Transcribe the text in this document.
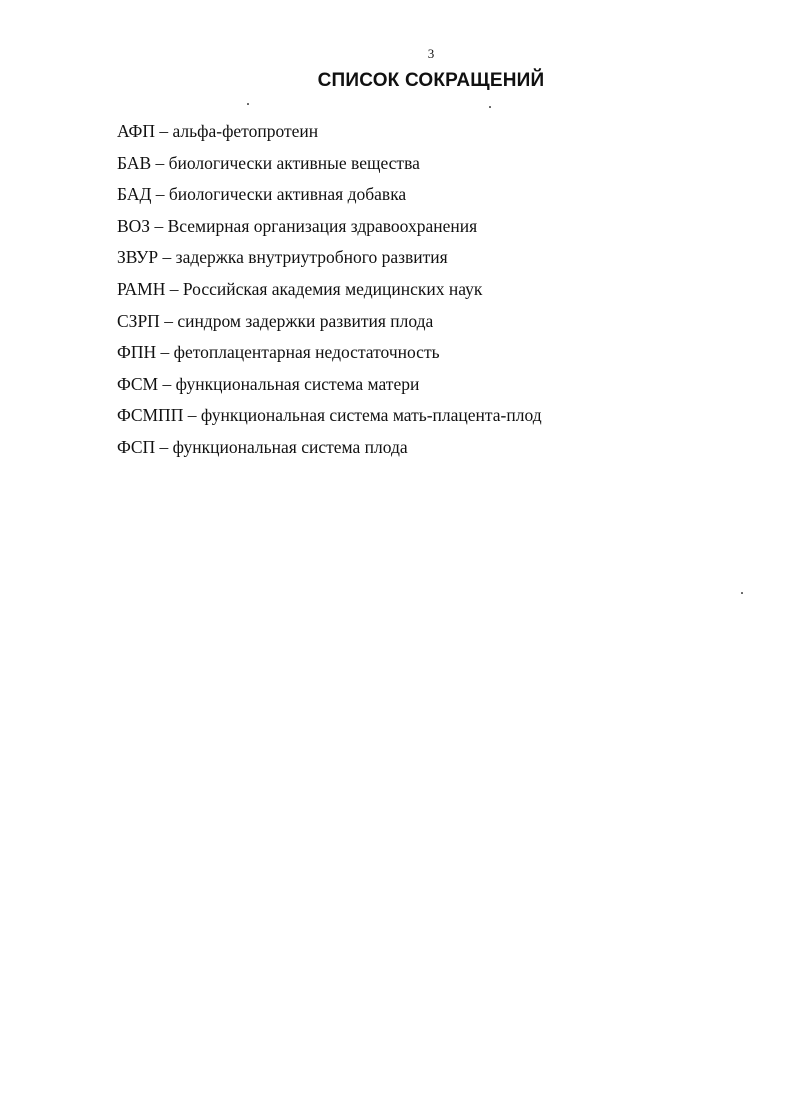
3
СПИСОК СОКРАЩЕНИЙ
АФП – альфа-фетопротеин
БАВ – биологически активные вещества
БАД – биологически активная добавка
ВОЗ – Всемирная организация здравоохранения
ЗВУР – задержка внутриутробного развития
РАМН – Российская академия медицинских наук
СЗРП – синдром задержки развития плода
ФПН – фетоплацентарная недостаточность
ФСМ – функциональная система матери
ФСМПП – функциональная система мать-плацента-плод
ФСП – функциональная система плода
